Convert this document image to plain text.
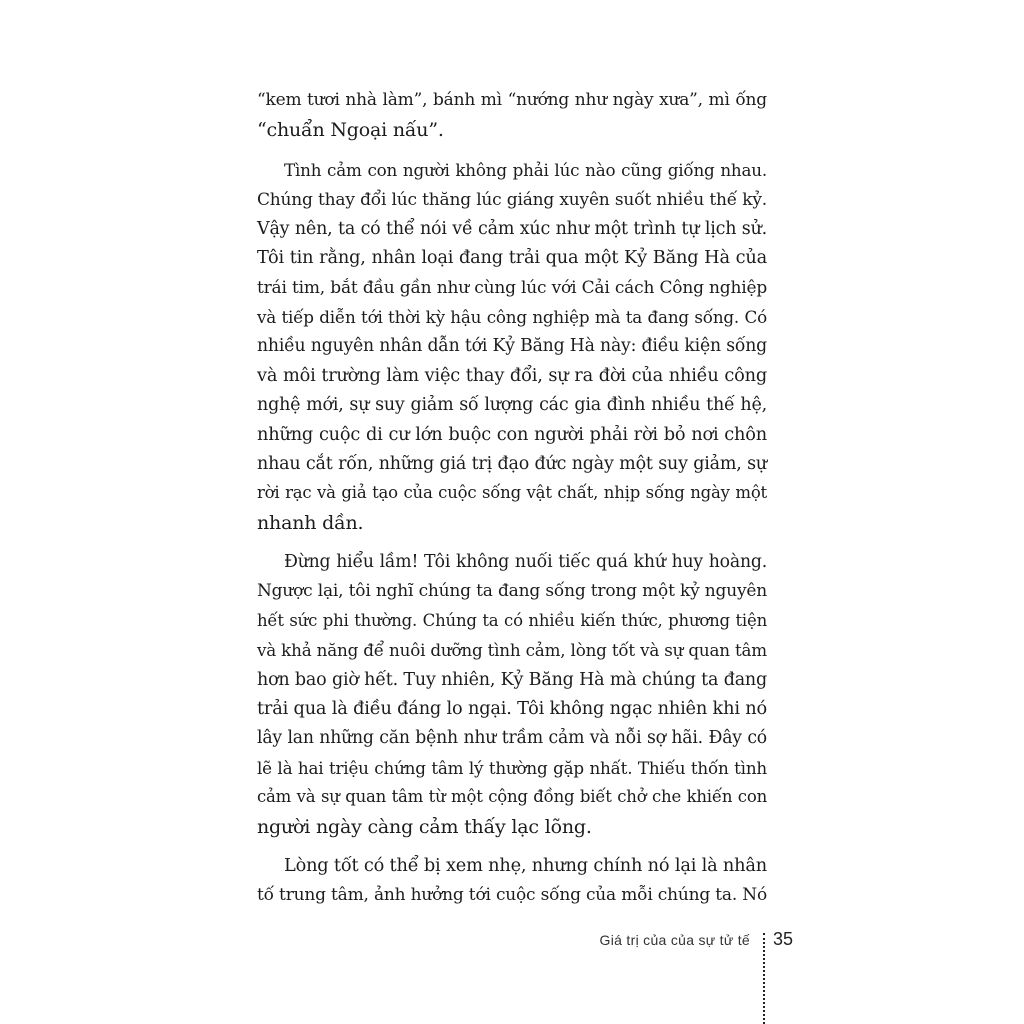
“kem tươi nhà làm”, bánh mì “nướng như ngày xưa”, mì ống
“chuẩn Ngoại nấu”.
Tình cảm con người không phải lúc nào cũng giống nhau.
Chúng thay đổi lúc thăng lúc giáng xuyên suốt nhiều thế kỷ.
Vậy nên, ta có thể nói về cảm xúc như một trình tự lịch sử.
Tôi tin rằng, nhân loại đang trải qua một Kỷ Băng Hà của
trái tim, bắt đầu gần như cùng lúc với Cải cách Công nghiệp
và tiếp diễn tới thời kỳ hậu công nghiệp mà ta đang sống. Có
nhiều nguyên nhân dẫn tới Kỷ Băng Hà này: điều kiện sống
và môi trường làm việc thay đổi, sự ra đời của nhiều công
nghệ mới, sự suy giảm số lượng các gia đình nhiều thế hệ,
những cuộc di cư lớn buộc con người phải rời bỏ nơi chôn
nhau cắt rốn, những giá trị đạo đức ngày một suy giảm, sự
rời rạc và giả tạo của cuộc sống vật chất, nhịp sống ngày một
nhanh dần.
Đừng hiểu lầm! Tôi không nuối tiếc quá khứ huy hoàng.
Ngược lại, tôi nghĩ chúng ta đang sống trong một kỷ nguyên
hết sức phi thường. Chúng ta có nhiều kiến thức, phương tiện
và khả năng để nuôi dưỡng tình cảm, lòng tốt và sự quan tâm
hơn bao giờ hết. Tuy nhiên, Kỷ Băng Hà mà chúng ta đang
trải qua là điều đáng lo ngại. Tôi không ngạc nhiên khi nó
lây lan những căn bệnh như trầm cảm và nỗi sợ hãi. Đây có
lẽ là hai triệu chứng tâm lý thường gặp nhất. Thiếu thốn tình
cảm và sự quan tâm từ một cộng đồng biết chở che khiến con
người ngày càng cảm thấy lạc lõng.
Lòng tốt có thể bị xem nhẹ, nhưng chính nó lại là nhân
tố trung tâm, ảnh hưởng tới cuộc sống của mỗi chúng ta. Nó
Giá trị của của sự tử tế 35
